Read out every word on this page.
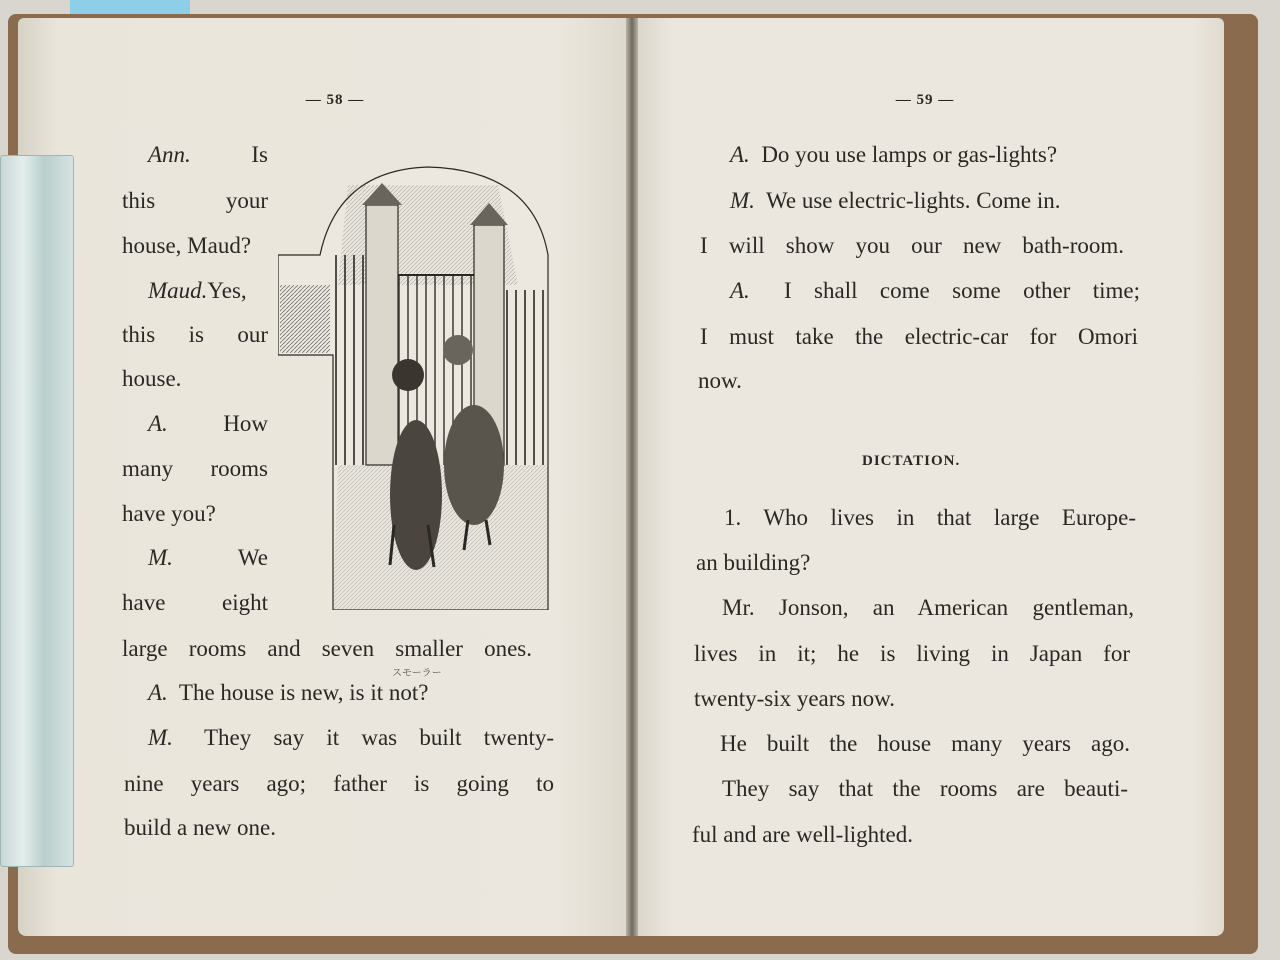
— 58 —
Ann.	Is
this your
house, Maud?
Maud.Yes,
this is our
house.
A. How
many rooms
have you?
M.	We
have eight
large rooms and seven smaller ones.
スモーラー
A. The house is new, is it not?
M. They say it was built twenty-
nine years ago; father is going to
build a new one.
— 59 —
A. Do you use lamps or gas-lights?
M. We use electric-lights. Come in.
I will show you our new bath-room.
A. I shall come some other time;
I must take the electric-car for Omori
now.
DICTATION.
1. Who lives in that large Europe-
an building?
Mr. Jonson, an American gentleman,
lives in it; he is living in Japan for
twenty-six years now.
He built the house many years ago.
They say that the rooms are beauti-
ful and are well-lighted.
